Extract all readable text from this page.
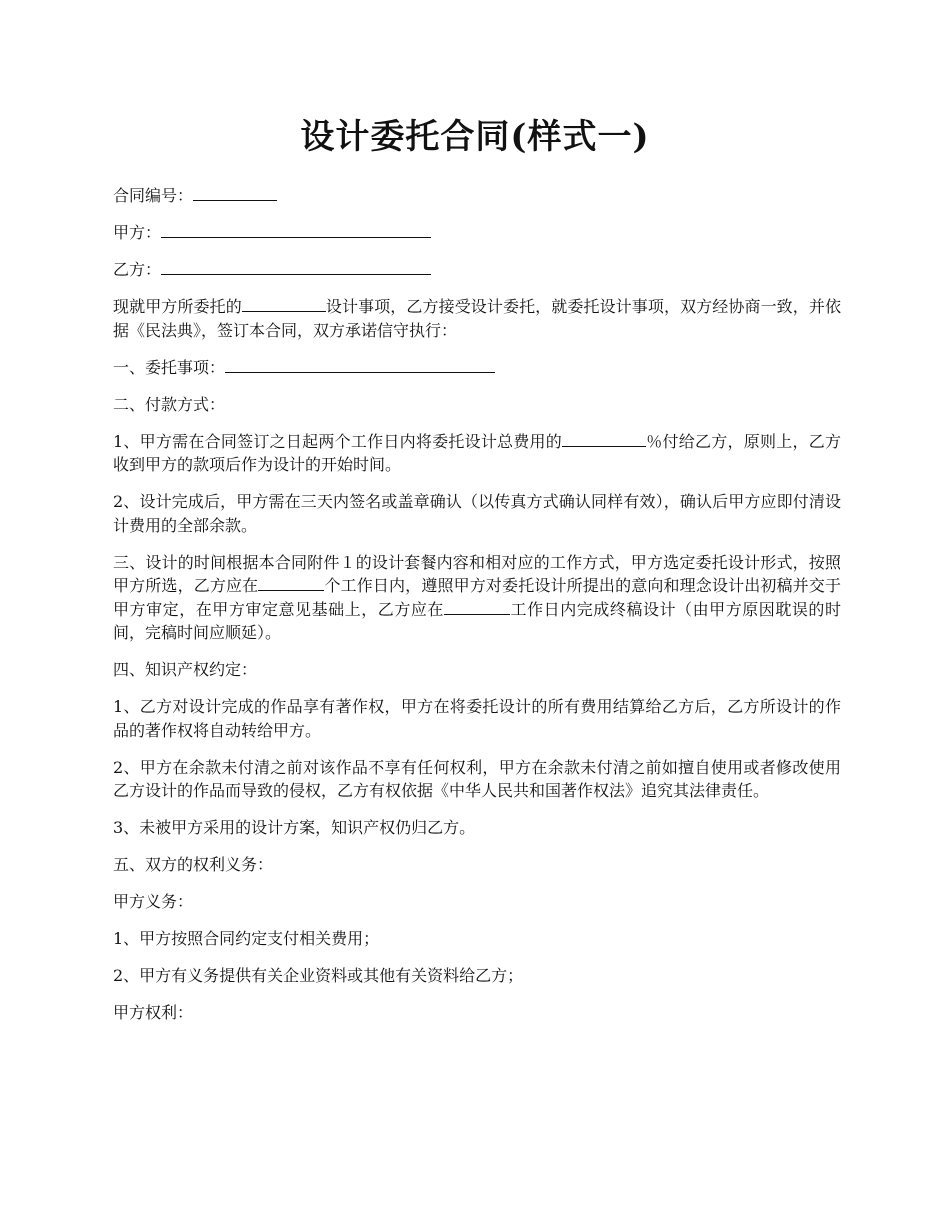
设计委托合同(样式一)

合同编号：

甲方：

乙方：

现就甲方所委托的	设计事项，乙方接受设计委托，就委托设计事项，双方经协商一致，并依据《民法典》，签订本合同，双方承诺信守执行：

一、委托事项：

二、付款方式：

1、甲方需在合同签订之日起两个工作日内将委托设计总费用的	％付给乙方，原则上，乙方收到甲方的款项后作为设计的开始时间。

2、设计完成后，甲方需在三天内签名或盖章确认（以传真方式确认同样有效），确认后甲方应即付清设计费用的全部余款。

三、设计的时间根据本合同附件１的设计套餐内容和相对应的工作方式，甲方选定委托设计形式，按照甲方所选，乙方应在	个工作日内，遵照甲方对委托设计所提出的意向和理念设计出初稿并交于甲方审定，在甲方审定意见基础上，乙方应在	工作日内完成终稿设计（由甲方原因耽误的时间，完稿时间应顺延）。

四、知识产权约定：

1、乙方对设计完成的作品享有著作权，甲方在将委托设计的所有费用结算给乙方后，乙方所设计的作品的著作权将自动转给甲方。

2、甲方在余款未付清之前对该作品不享有任何权利，甲方在余款未付清之前如擅自使用或者修改使用乙方设计的作品而导致的侵权，乙方有权依据《中华人民共和国著作权法》追究其法律责任。

3、未被甲方采用的设计方案，知识产权仍归乙方。

五、双方的权利义务：

甲方义务：

1、甲方按照合同约定支付相关费用；

2、甲方有义务提供有关企业资料或其他有关资料给乙方；

甲方权利：
